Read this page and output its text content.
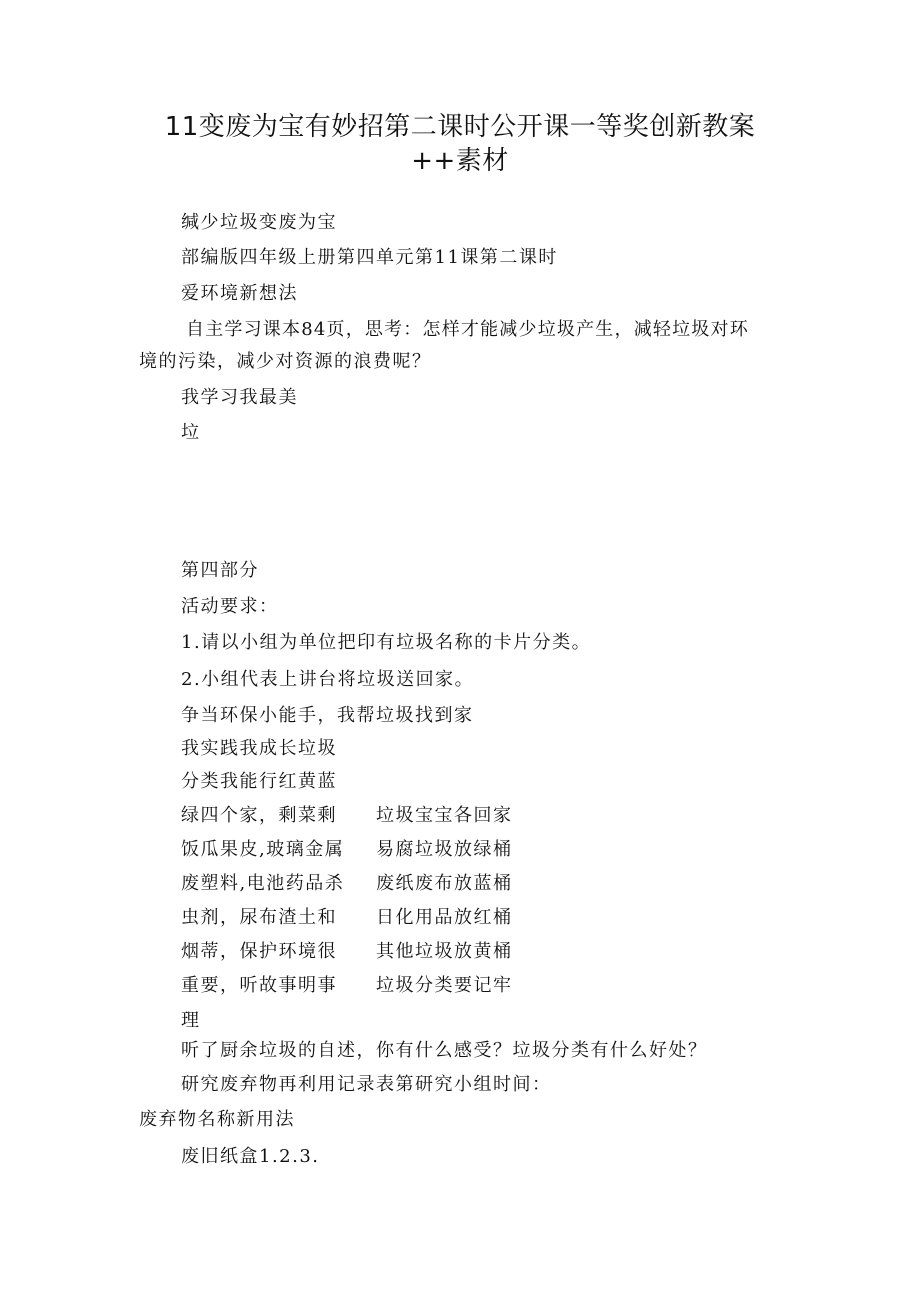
11变废为宝有妙招第二课时公开课一等奖创新教案
++素材
缄少垃圾变废为宝
部编版四年级上册第四单元第11课第二课时
爱环境新想法
自主学习课本84页，思考：怎样才能减少垃圾产生，减轻垃圾对环
境的污染，减少对资源的浪费呢？
我学习我最美
垃
第四部分
活动要求：
1.请以小组为单位把印有垃圾名称的卡片分类。
2.小组代表上讲台将垃圾送回家。
争当环保小能手，我帮垃圾找到家
我实践我成长垃圾
分类我能行红黄蓝
绿四个家，剩菜剩 垃圾宝宝各回家
饭瓜果皮,玻璃金属 易腐垃圾放绿桶
废塑料,电池药品杀 废纸废布放蓝桶
虫剂，尿布渣土和 日化用品放红桶
烟蒂，保护环境很 其他垃圾放黄桶
重要，听故事明事 垃圾分类要记牢
理
听了厨余垃圾的自述，你有什么感受？垃圾分类有什么好处？
研究废弃物再利用记录表第研究小组时间：
废弃物名称新用法
废旧纸盒1.2.3.
